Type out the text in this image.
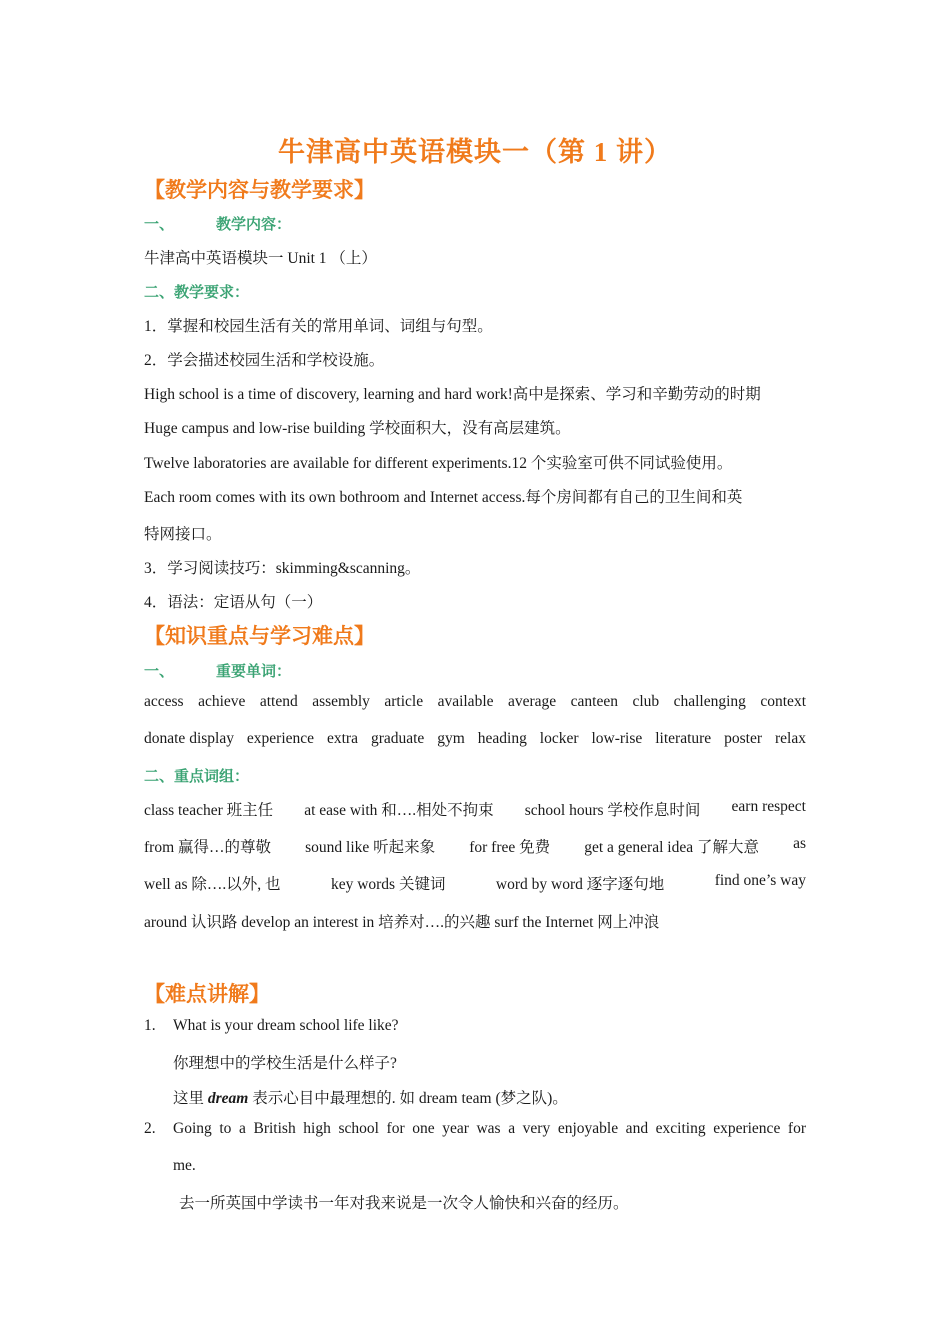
牛津高中英语模块一（第 1 讲）
【教学内容与教学要求】
一、	教学内容：
牛津高中英语模块一 Unit 1 （上）
二、教学要求：
1．掌握和校园生活有关的常用单词、词组与句型。
2．学会描述校园生活和学校设施。
High school is a time of discovery, learning and hard work!高中是探索、学习和辛勤劳动的时期
Huge campus and low-rise building 学校面积大，没有高层建筑。
Twelve laboratories are available for different experiments.12 个实验室可供不同试验使用。
Each room comes with its own bothroom and Internet access.每个房间都有自己的卫生间和英
特网接口。
3．学习阅读技巧：skimming&scanning。
4．语法：定语从句（一）
【知识重点与学习难点】
一、	重要单词：
access achieve attend assembly article available average canteen club challenging context
donate display experience extra graduate gym heading locker low-rise literature poster relax
二、重点词组：
class teacher 班主任 at ease with 和….相处不拘束 school hours 学校作息时间 earn respect
from 赢得…的尊敬 sound like 听起来象 for free 免费 get a general idea 了解大意 as
well as 除….以外, 也	key words 关键词	word by word 逐字逐句地	find one’s way
around 认识路 develop an interest in 培养对….的兴趣 surf the Internet 网上冲浪
【难点讲解】
1. What is your dream school life like?
你理想中的学校生活是什么样子?
这里 dream 表示心目中最理想的. 如 dream team (梦之队)。
2. Going to a British high school for one year was a very enjoyable and exciting experience for
me.
去一所英国中学读书一年对我来说是一次令人愉快和兴奋的经历。
